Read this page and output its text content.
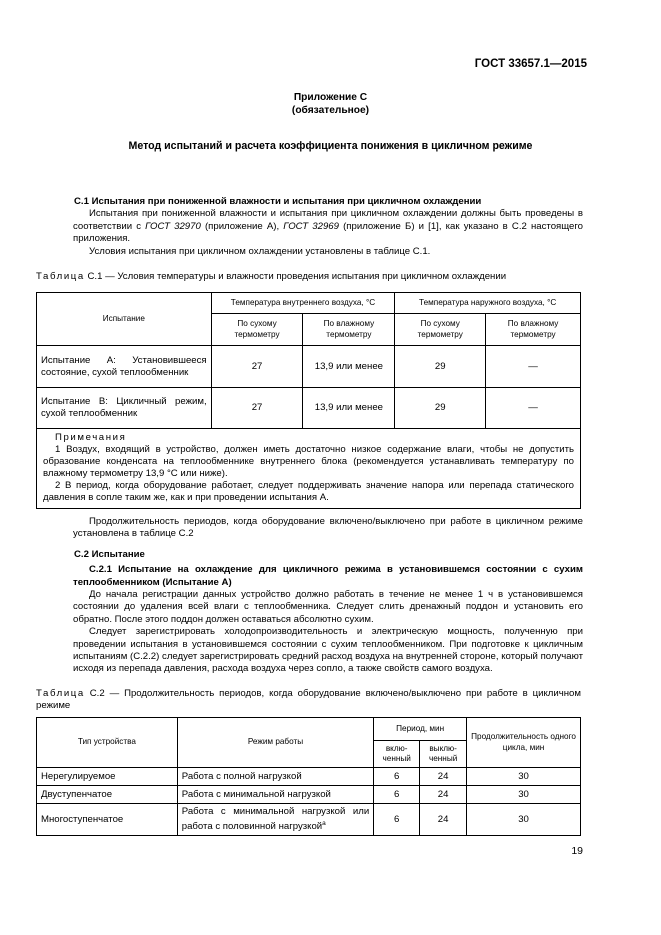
ГОСТ 33657.1—2015
Приложение С
(обязательное)
Метод испытаний и расчета коэффициента понижения в цикличном режиме
С.1 Испытания при пониженной влажности и испытания при цикличном охлаждении

Испытания при пониженной влажности и испытания при цикличном охлаждении должны быть проведены в соответствии с ГОСТ 32970 (приложение А), ГОСТ 32969 (приложение Б) и [1], как указано в С.2 настоящего приложения.

Условия испытания при цикличном охлаждении установлены в таблице С.1.

Таблица С.1 — Условия температуры и влажности проведения испытания при цикличном охлаждении
Испытание	Температура внутреннего воздуха, °С		Температура наружного воздуха, °С	
	По сухому термометру	По влажному термометру	По сухому термометру	По влажному термометру
Испытание А: Установившееся состояние, сухой теплообменник	27	13,9 или менее	29	—
Испытание В: Цикличный режим, сухой теплообменник	27	13,9 или менее	29	—

Примечания

1 Воздух, входящий в устройство, должен иметь достаточно низкое содержание влаги, чтобы не допустить образование конденсата на теплообменнике внутреннего блока (рекомендуется устанавливать температуру по влажному термометру 13,9 °С или ниже).

2 В период, когда оборудование работает, следует поддерживать значение напора или перепада статического давления в сопле таким же, как и при проведении испытания А.				

Продолжительность периодов, когда оборудование включено/выключено при работе в цикличном режиме установлена в таблице С.2

С.2 Испытание

С.2.1 Испытание на охлаждение для цикличного режима в установившемся состоянии с сухим теплообменником (Испытание А)

До начала регистрации данных устройство должно работать в течение не менее 1 ч в установившемся состоянии до удаления всей влаги с теплообменника. Следует слить дренажный поддон и установить его обратно. После этого поддон должен оставаться абсолютно сухим.

Следует зарегистрировать холодопроизводительность и электрическую мощность, полученную при проведении испытания в установившемся состоянии с сухим теплообменником. При подготовке к цикличным испытаниям (С.2.2) следует зарегистрировать средний расход воздуха на внутренней стороне, который получают исходя из перепада давления, расхода воздуха через сопло, а также свойств самого воздуха.

Таблица С.2 — Продолжительность периодов, когда оборудование включено/выключено при работе в цикличном режиме
Тип устройства	Режим работы	Период, мин		Продолжительность одного цикла, мин
		вклю-ченный	выклю-ченный	
Нерегулируемое	Работа с полной нагрузкой	6	24	30
Двуступенчатое	Работа с минимальной нагрузкой	6	24	30
Многоступенчатое	Работа с минимальной нагрузкой или работа с половинной нагрузкой$^a$	6	24	30
19
